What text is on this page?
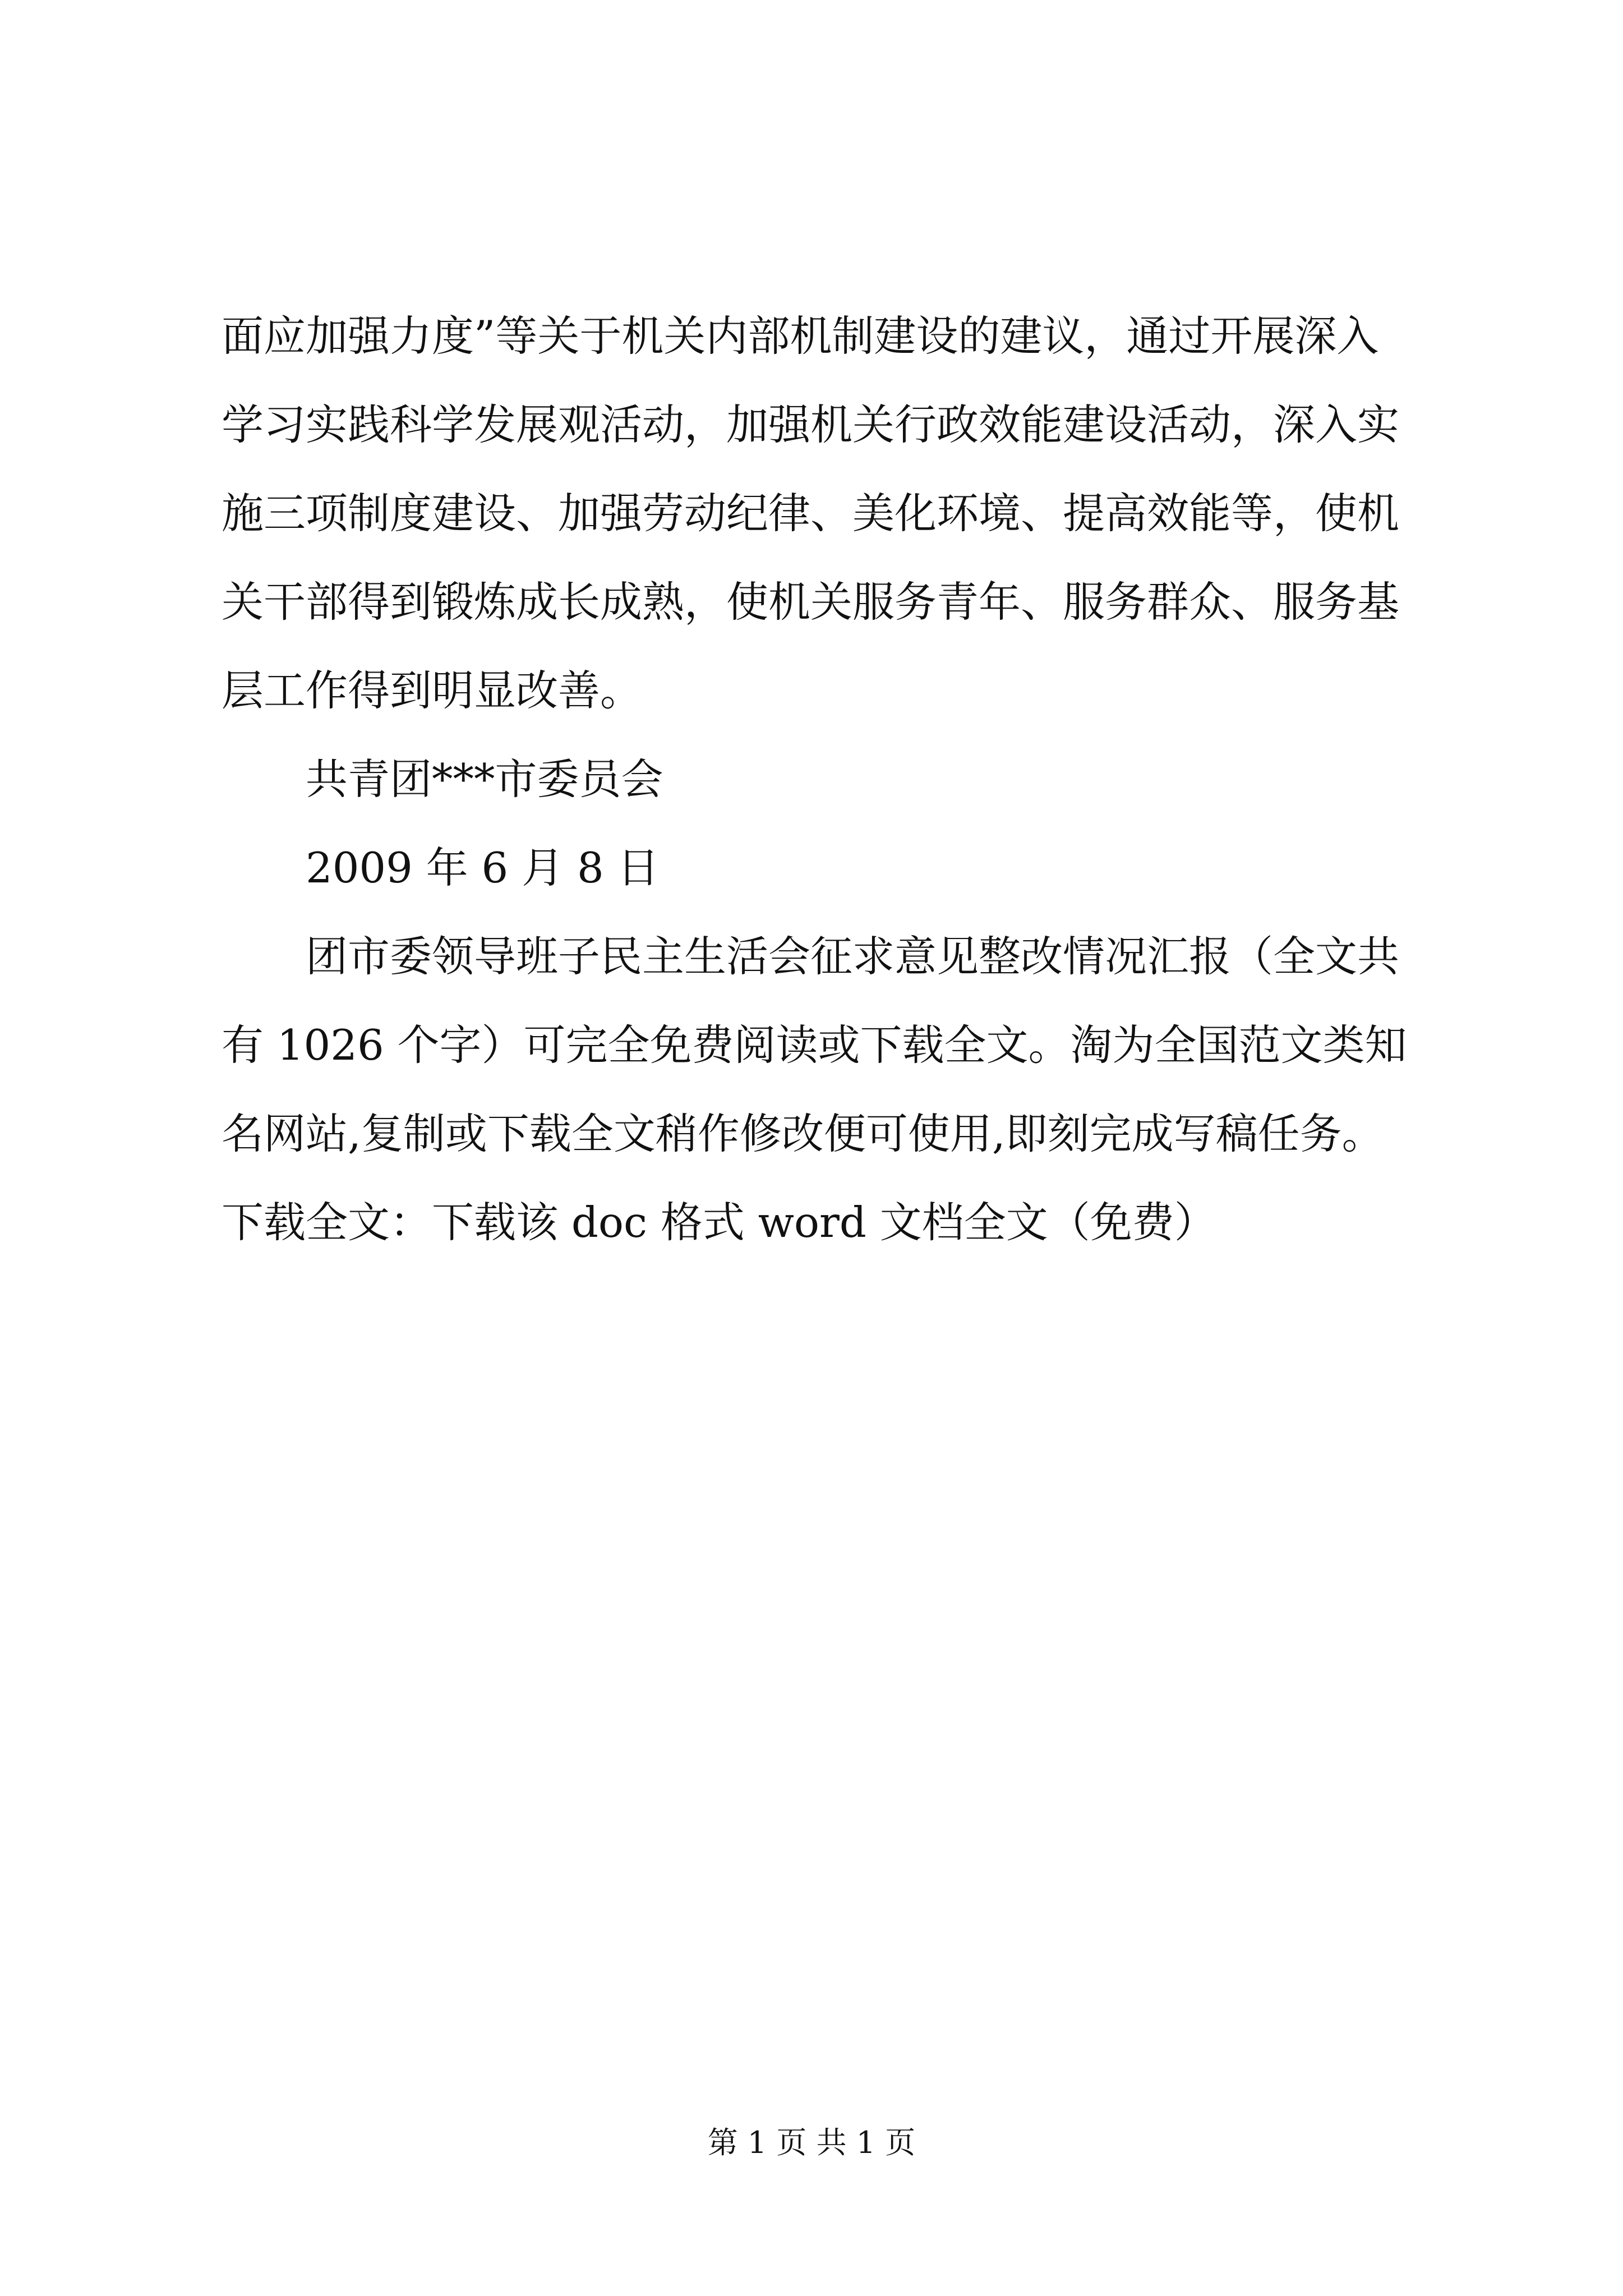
面应加强力度”等关于机关内部机制建设的建议，通过开展深入
学习实践科学发展观活动，加强机关行政效能建设活动，深入实
施三项制度建设、加强劳动纪律、美化环境、提高效能等，使机
关干部得到锻炼成长成熟，使机关服务青年、服务群众、服务基
层工作得到明显改善。
共青团***市委员会
2009 年 6 月 8 日
团市委领导班子民主生活会征求意见整改情况汇报（全文共
有 1026 个字）可完全免费阅读或下载全文。淘为全国范文类知
名网站,复制或下载全文稍作修改便可使用,即刻完成写稿任务。
下载全文：下载该 doc 格式 word 文档全文（免费）
第 1 页 共 1 页
